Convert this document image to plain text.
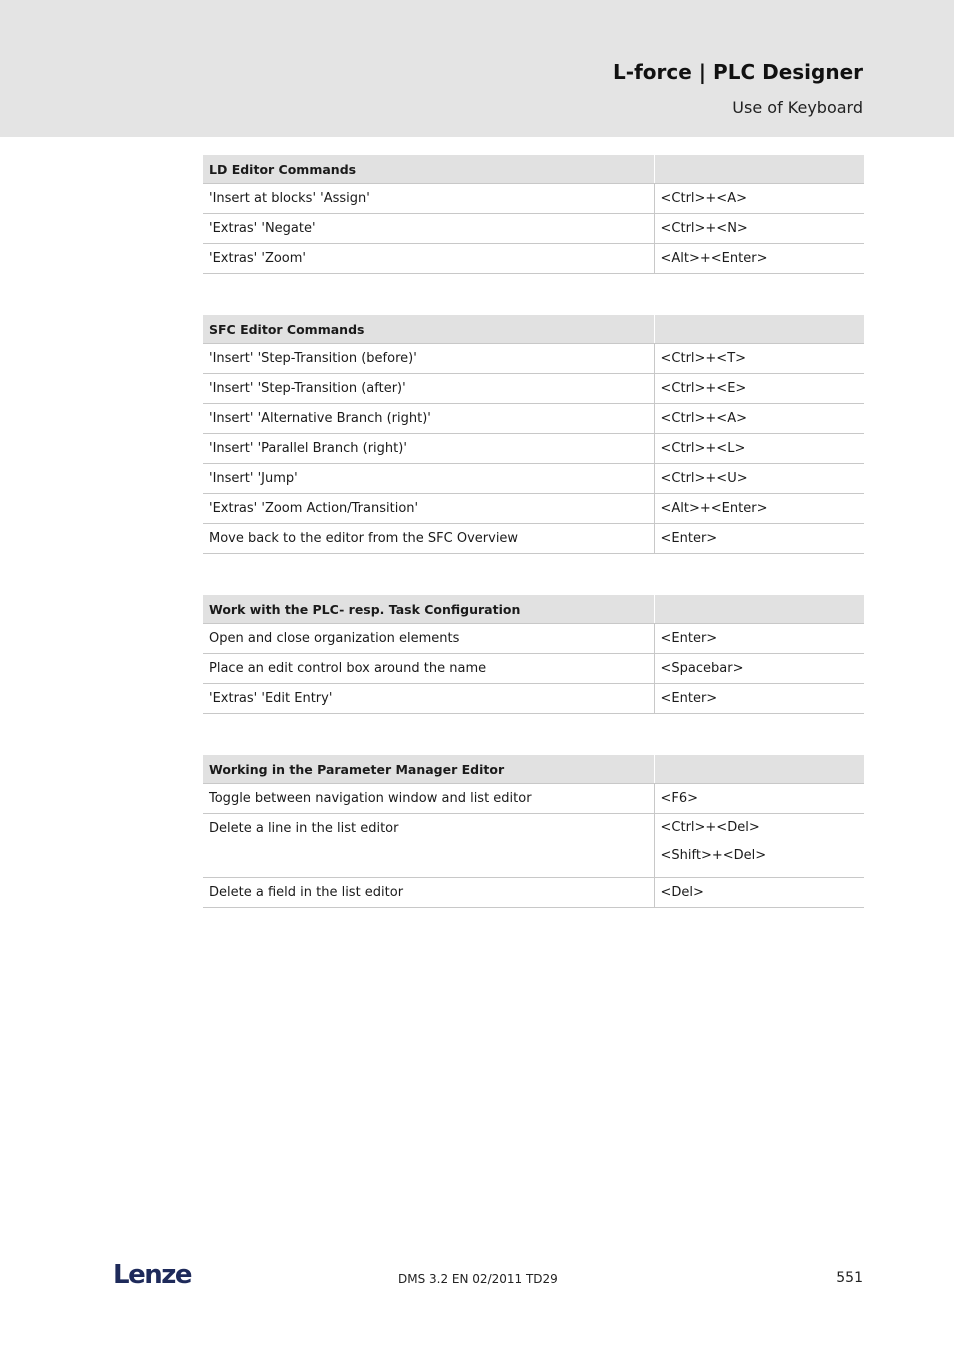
L-force | PLC Designer
Use of Keyboard
LD Editor Commands	
'Insert at blocks' 'Assign'	<Ctrl>+<A>
'Extras' 'Negate'	<Ctrl>+<N>
'Extras' 'Zoom'	<Alt>+<Enter>
SFC Editor Commands	
'Insert' 'Step-Transition (before)'	<Ctrl>+<T>
'Insert' 'Step-Transition (after)'	<Ctrl>+<E>
'Insert' 'Alternative Branch (right)'	<Ctrl>+<A>
'Insert' 'Parallel Branch (right)'	<Ctrl>+<L>
'Insert' 'Jump'	<Ctrl>+<U>
'Extras' 'Zoom Action/Transition'	<Alt>+<Enter>
Move back to the editor from the SFC Overview	<Enter>
Work with the PLC- resp. Task Configuration	
Open and close organization elements	<Enter>
Place an edit control box around the name	<Spacebar>
'Extras' 'Edit Entry'	<Enter>
Working in the Parameter Manager Editor	
Toggle between navigation window and list editor	<F6>
Delete a line in the list editor	<Ctrl>+<Del>
<Shift>+<Del>

Delete a field in the list editor	<Del>
Lenze	DMS 3.2 EN 02/2011 TD29	551
